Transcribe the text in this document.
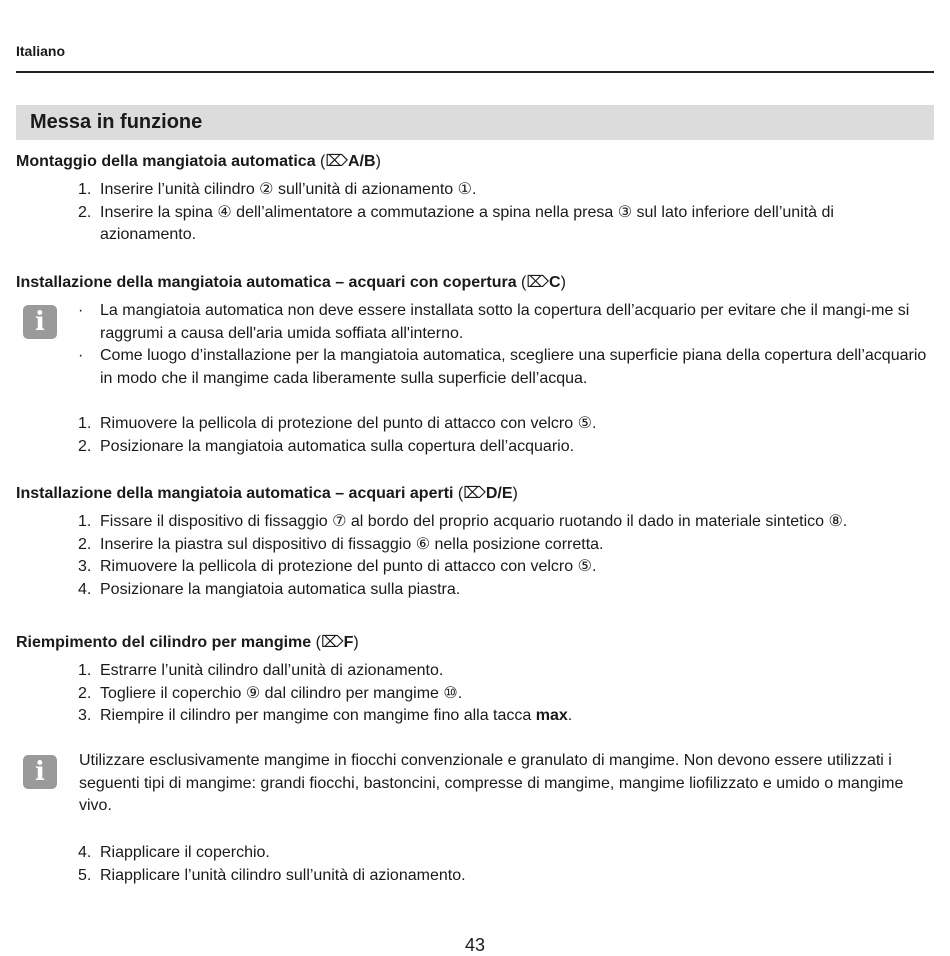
Italiano
Messa in funzione
Montaggio della mangiatoia automatica (⌦A/B)
1. Inserire l’unità cilindro ② sull’unità di azionamento ①.
2. Inserire la spina ④ dell’alimentatore a commutazione a spina nella presa ③ sul lato inferiore dell’unità di azionamento.
Installazione della mangiatoia automatica – acquari con copertura (⌦C)
i	· La mangiatoia automatica non deve essere installata sotto la copertura dell’acquario per evitare che il mangi-me si raggrumi a causa dell'aria umida soffiata all'interno.
· Come luogo d’installazione per la mangiatoia automatica, scegliere una superficie piana della copertura dell’acquario in modo che il mangime cada liberamente sulla superficie dell’acqua.
1. Rimuovere la pellicola di protezione del punto di attacco con velcro ⑤.
2. Posizionare la mangiatoia automatica sulla copertura dell’acquario.
Installazione della mangiatoia automatica – acquari aperti (⌦D/E)
1. Fissare il dispositivo di fissaggio ⑦ al bordo del proprio acquario ruotando il dado in materiale sintetico ⑧.
2. Inserire la piastra sul dispositivo di fissaggio ⑥ nella posizione corretta.
3. Rimuovere la pellicola di protezione del punto di attacco con velcro ⑤.
4. Posizionare la mangiatoia automatica sulla piastra.
Riempimento del cilindro per mangime (⌦F)
1. Estrarre l’unità cilindro dall’unità di azionamento.
2. Togliere il coperchio ⑨ dal cilindro per mangime ⑩.
3. Riempire il cilindro per mangime con mangime fino alla tacca max.
i	Utilizzare esclusivamente mangime in fiocchi convenzionale e granulato di mangime. Non devono essere utilizzati i seguenti tipi di mangime: grandi fiocchi, bastoncini, compresse di mangime, mangime liofilizzato e umido o mangime vivo.
4. Riapplicare il coperchio.
5. Riapplicare l’unità cilindro sull’unità di azionamento.
43
